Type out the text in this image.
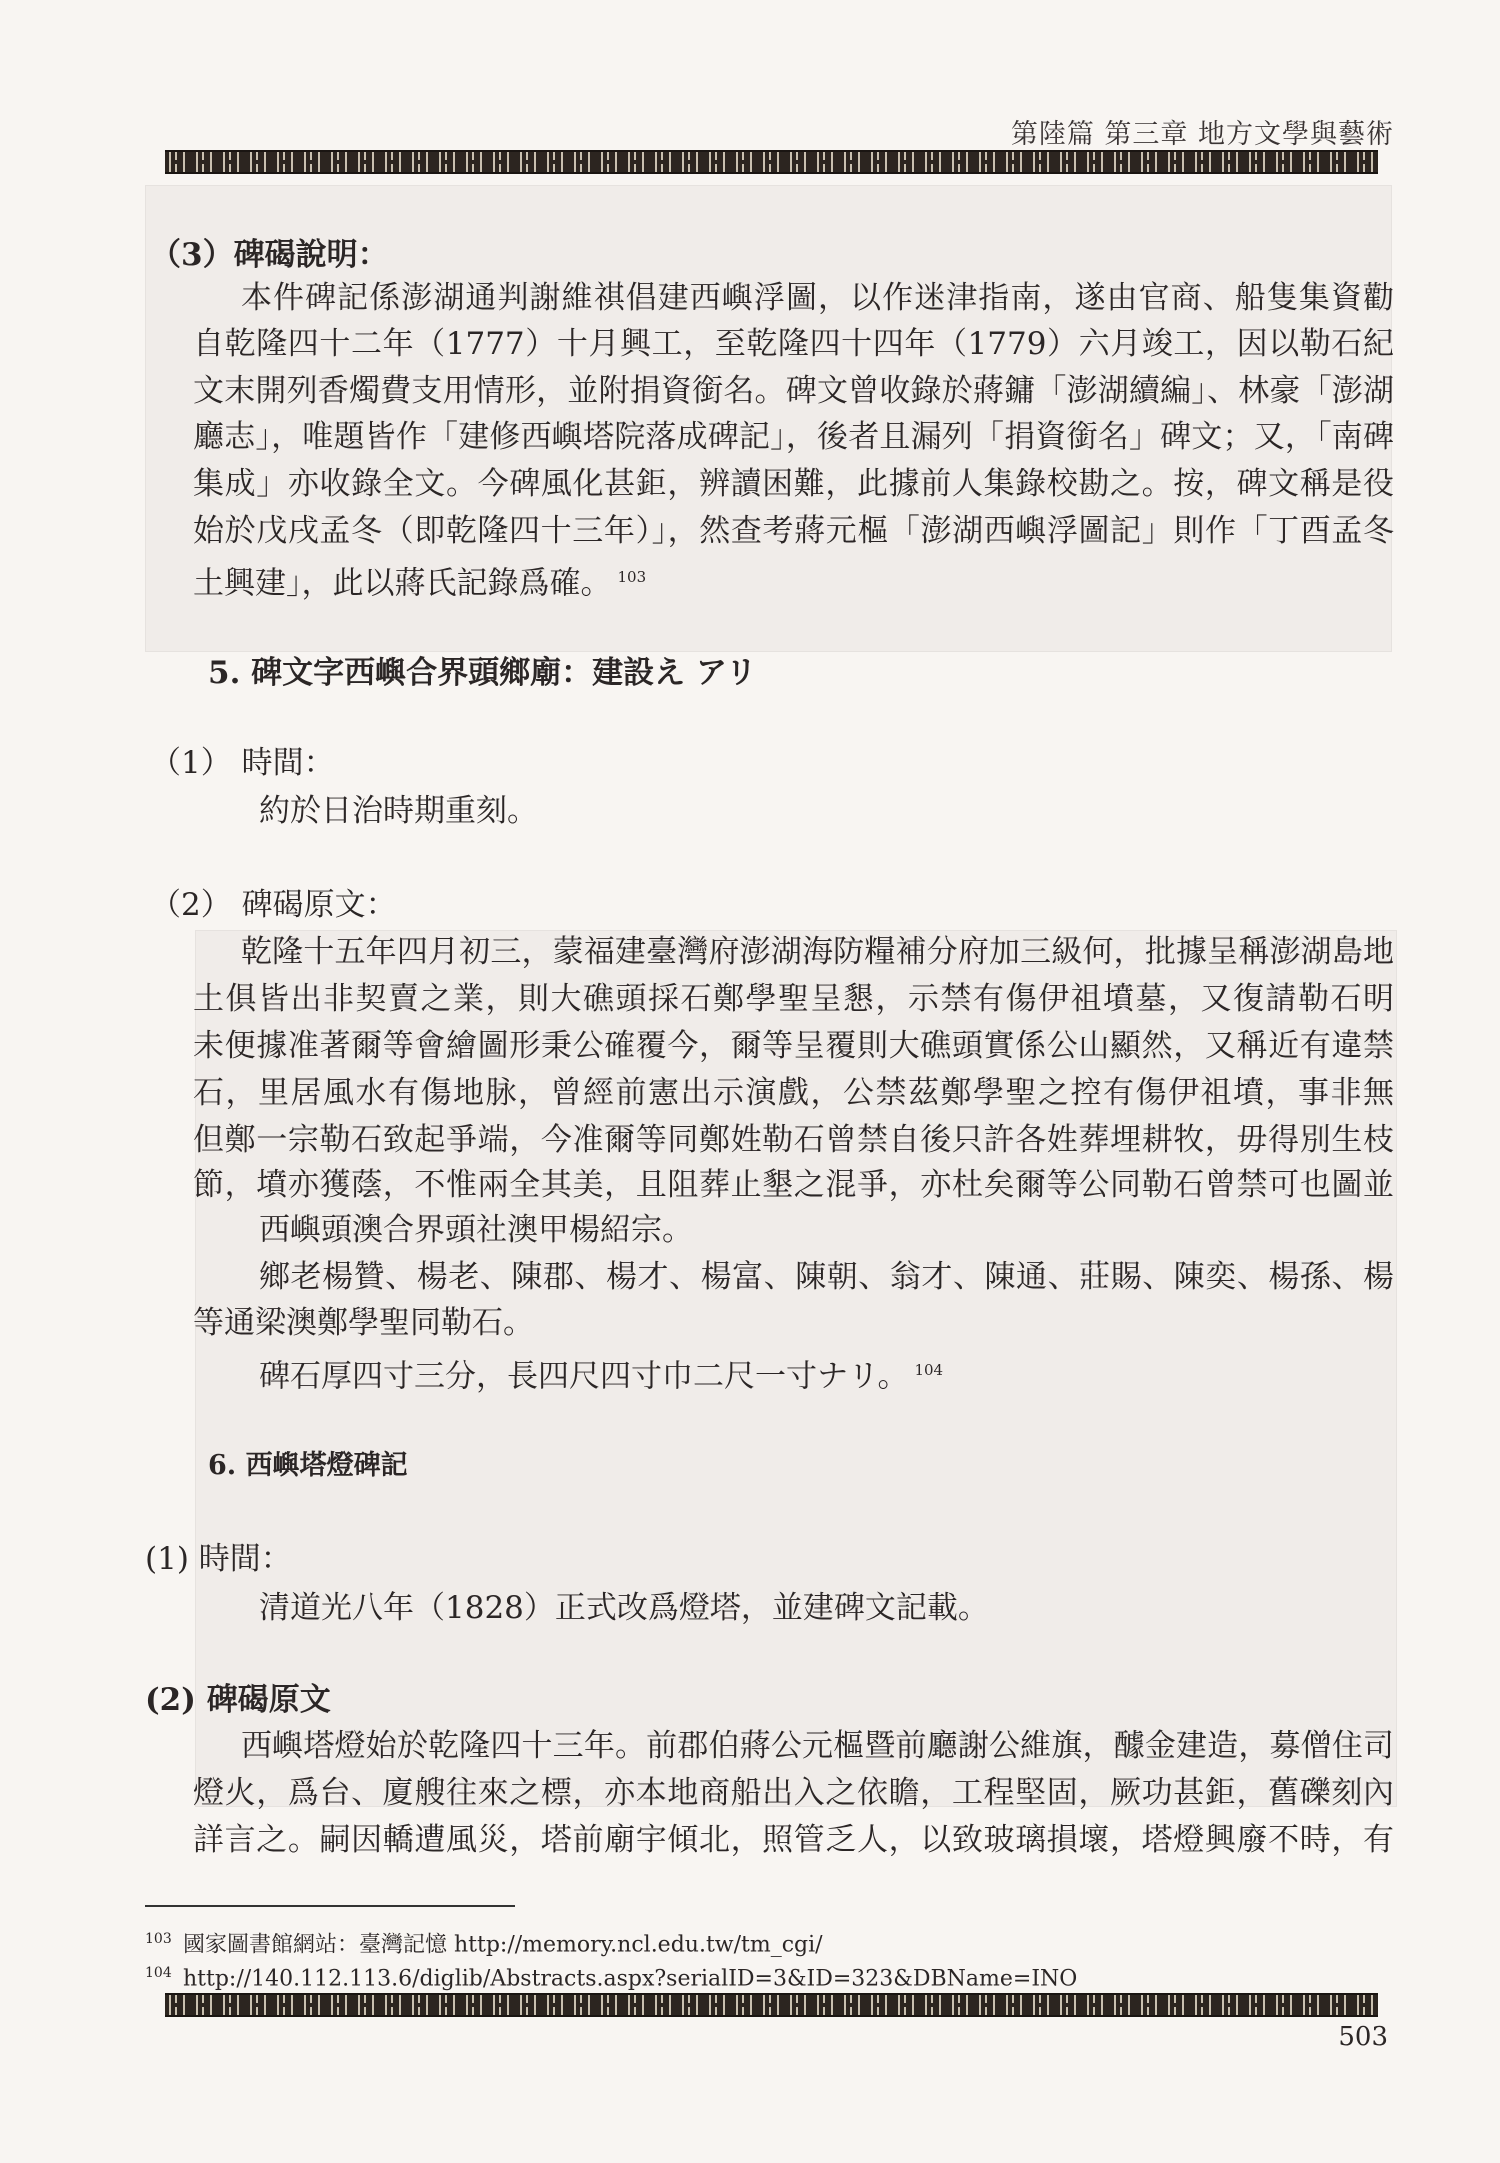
第陸篇 第三章 地方文學與藝術
（3）碑碣說明：
本件碑記係澎湖通判謝維祺倡建西嶼浮圖，以作迷津指南，遂由官商、船隻集資勸
自乾隆四十二年（1777）十月興工，至乾隆四十四年（1779）六月竣工，因以勒石紀
文末開列香燭費支用情形，並附捐資銜名。碑文曾收錄於蔣鏞「澎湖續編」、林豪「澎湖
廳志」，唯題皆作「建修西嶼塔院落成碑記」，後者且漏列「捐資銜名」碑文；又，「南碑
集成」亦收錄全文。今碑風化甚鉅，辨讀困難，此據前人集錄校勘之。按，碑文稱是役
始於戊戌孟冬（即乾隆四十三年）」，然查考蔣元樞「澎湖西嶼浮圖記」則作「丁酉孟冬
土興建」，此以蔣氏記錄爲確。 $^{103}$
5. 碑文字西嶼合界頭鄉廟：建設え アリ
（1） 時間：
約於日治時期重刻。
（2） 碑碣原文：
乾隆十五年四月初三，蒙福建臺灣府澎湖海防糧補分府加三級何，批據呈稱澎湖島地
土俱皆出非契賣之業，則大礁頭採石鄭學聖呈懇，示禁有傷伊祖墳墓，又復請勒石明
未便據准著爾等會繪圖形秉公確覆今，爾等呈覆則大礁頭實係公山顯然，又稱近有違禁
石，里居風水有傷地脉，曾經前憲出示演戲，公禁茲鄭學聖之控有傷伊祖墳，事非無
但鄭一宗勒石致起爭端，今准爾等同鄭姓勒石曾禁自後只許各姓葬埋耕牧，毋得別生枝
節，墳亦獲蔭，不惟兩全其美，且阻葬止墾之混爭，亦杜矣爾等公同勒石曾禁可也圖並
西嶼頭澳合界頭社澳甲楊紹宗。
鄉老楊贊、楊老、陳郡、楊才、楊富、陳朝、翁才、陳通、莊賜、陳奕、楊孫、楊
等通梁澳鄭學聖同勒石。
碑石厚四寸三分，長四尺四寸巾二尺一寸ナリ。 $^{104}$
6. 西嶼塔燈碑記
(1) 時間：
清道光八年（1828）正式改爲燈塔，並建碑文記載。
(2) 碑碣原文
西嶼塔燈始於乾隆四十三年。前郡伯蔣公元樞暨前廳謝公維旗，醵金建造，募僧住司
燈火，爲台、廈艘往來之標，亦本地商船出入之依瞻，工程堅固，厥功甚鉅，舊礫刻內
詳言之。嗣因轎遭風災，塔前廟宇傾北，照管乏人，以致玻璃損壞，塔燈興廢不時，有
103 國家圖書館網站：臺灣記憶 http://memory.ncl.edu.tw/tm_cgi/
104 http://140.112.113.6/diglib/Abstracts.aspx?serialID=3&ID=323&DBName=INO
503
